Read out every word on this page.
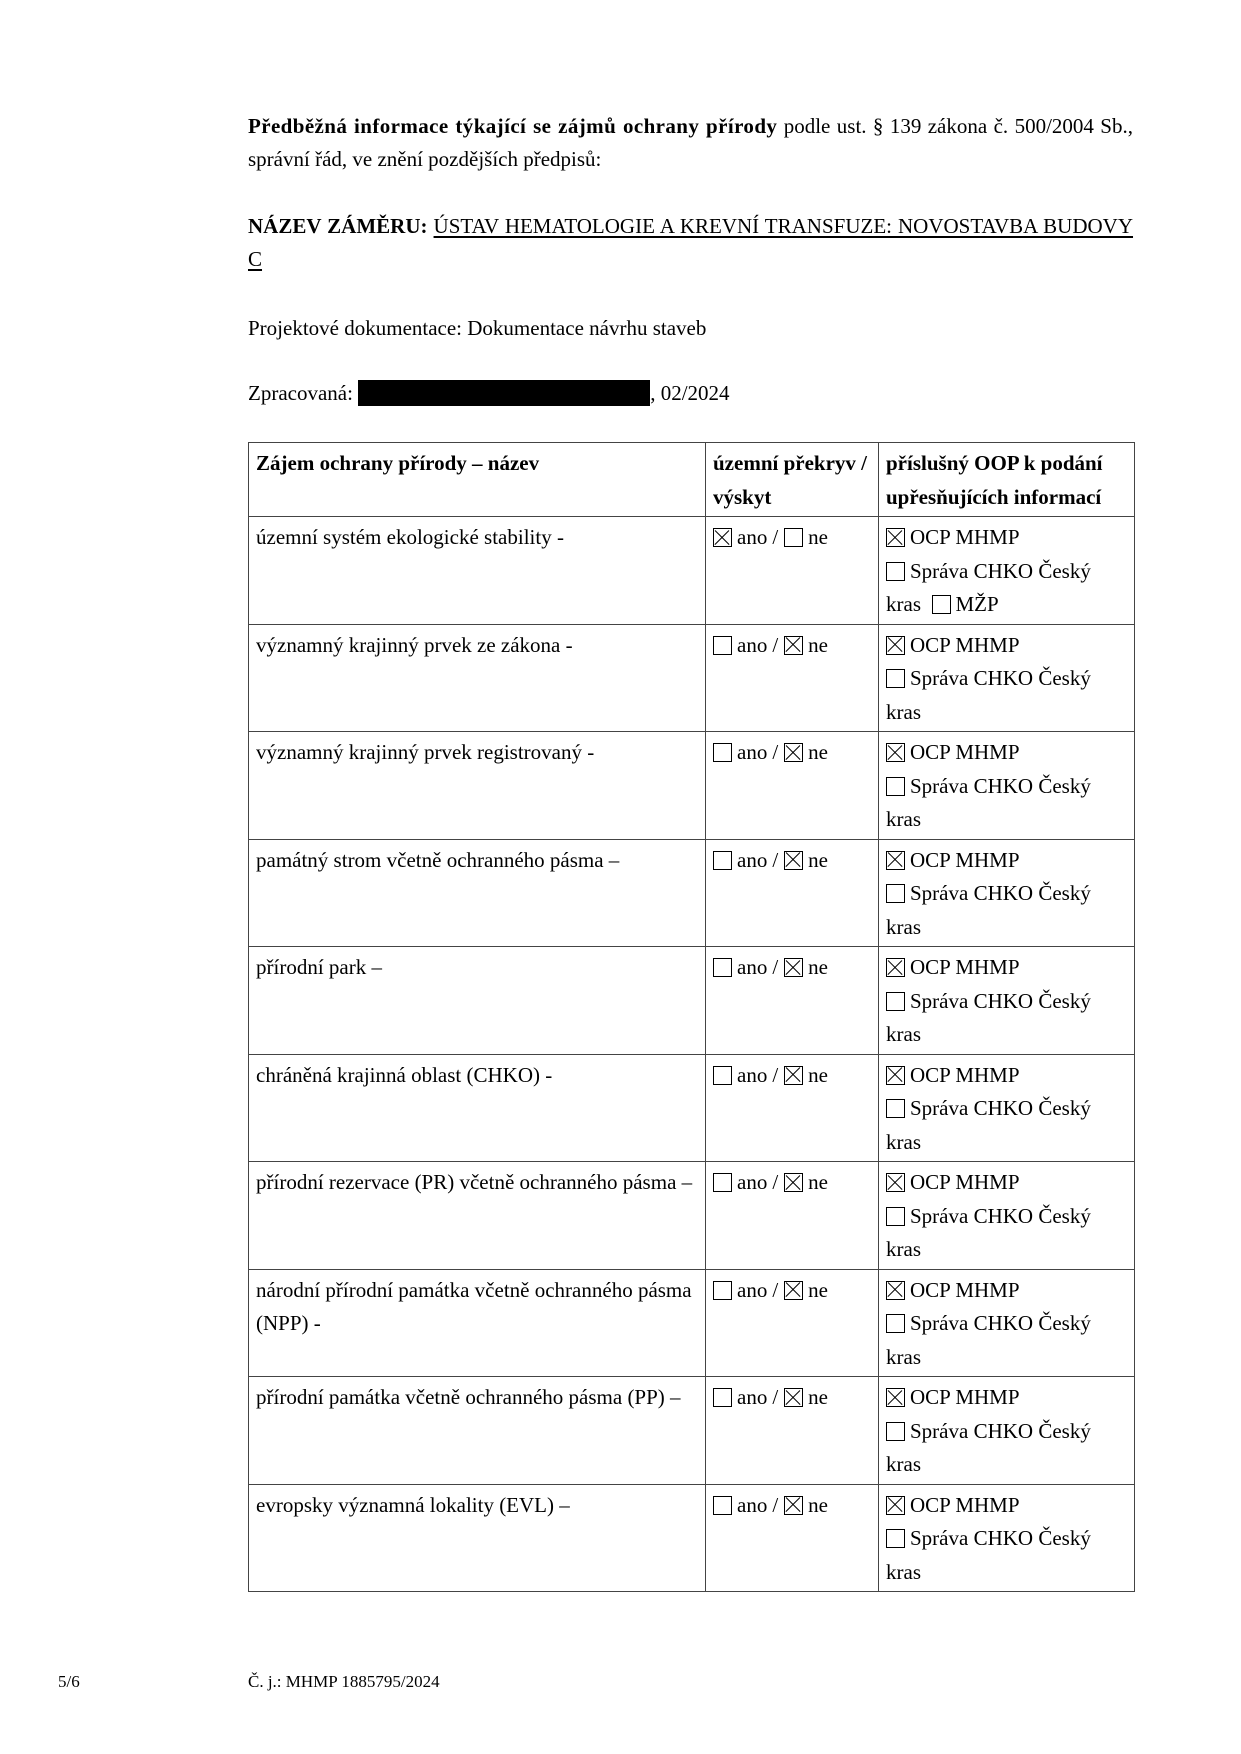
Předběžná informace týkající se zájmů ochrany přírody podle ust. § 139 zákona č. 500/2004 Sb., správní řád, ve znění pozdějších předpisů:

NÁZEV ZÁMĚRU: ÚSTAV HEMATOLOGIE A KREVNÍ TRANSFUZE: NOVOSTAVBA BUDOVY C

Projektové dokumentace: Dokumentace návrhu staveb

Zpracovaná:	, 02/2024

Zájem ochrany přírody – název	územní překryv / výskyt	příslušný OOP k podání upřesňujících informací
územní systém ekologické stability -	ano / ne	OCP MHMP
Správa CHKO Český kras MŽP
významný krajinný prvek ze zákona -	ano / ne	OCP MHMP
Správa CHKO Český kras
významný krajinný prvek registrovaný -	ano / ne	OCP MHMP
Správa CHKO Český kras
památný strom včetně ochranného pásma –	ano / ne	OCP MHMP
Správa CHKO Český kras
přírodní park –	ano / ne	OCP MHMP
Správa CHKO Český kras
chráněná krajinná oblast (CHKO) -	ano / ne	OCP MHMP
Správa CHKO Český kras
přírodní rezervace (PR) včetně ochranného pásma –	ano / ne	OCP MHMP
Správa CHKO Český kras
národní přírodní památka včetně ochranného pásma (NPP) -	ano / ne	OCP MHMP
Správa CHKO Český kras
přírodní památka včetně ochranného pásma (PP) –	ano / ne	OCP MHMP
Správa CHKO Český kras
evropsky významná lokality (EVL) –	ano / ne	OCP MHMP
Správa CHKO Český kras
5/6	Č. j.: MHMP 1885795/2024
